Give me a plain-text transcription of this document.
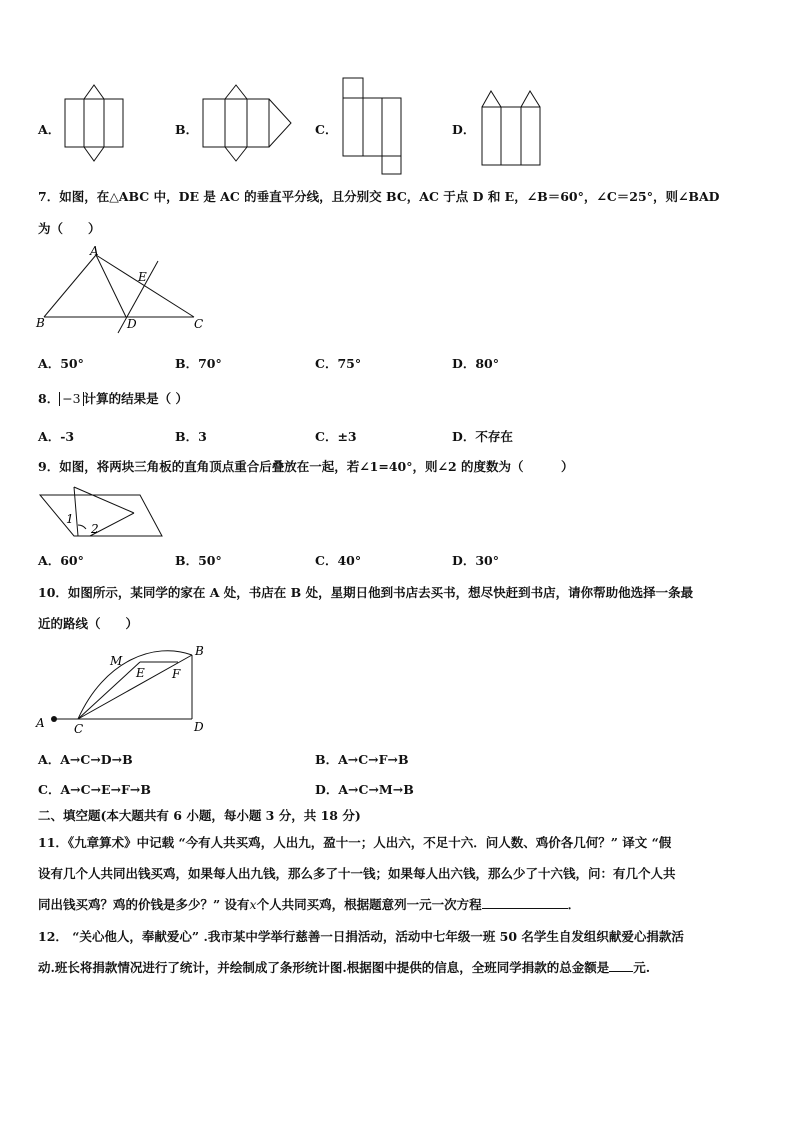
A．	B．	C．	D．
7．如图，在△ABC 中，DE 是 AC 的垂直平分线，且分别交 BC，AC 于点 D 和 E，∠B＝60°，∠C＝25°，则∠BAD
为（　　）
A
B	C
D
E
A．50°	B．70°	C．75°	D．80°
8． −3 计算的结果是（ ）
A．-3	B．3	C．±3	D．不存在
9．如图，将两块三角板的直角顶点重合后叠放在一起，若∠1=40°，则∠2 的度数为（　　　）
1
2
A．60°	B．50°	C．40°	D．30°
10．如图所示，某同学的家在 A 处，书店在 B 处，星期日他到书店去买书，想尽快赶到书店，请你帮助他选择一条最
近的路线（　　）
A
B
C	D
E F
M
A．A→C→D→B	B．A→C→F→B
C．A→C→E→F→B	D．A→C→M→B
二、填空题(本大题共有 6 小题，每小题 3 分，共 18 分)
11．《九章算术》中记载 “今有人共买鸡，人出九，盈十一；人出六，不足十六．问人数、鸡价各几何？” 译文 “假
设有几个人共同出钱买鸡，如果每人出九钱，那么多了十一钱；如果每人出六钱，那么少了十六钱，问：有几个人共
同出钱买鸡？鸡的价钱是多少？” 设有x个人共同买鸡，根据题意列一元一次方程	．
12． “关心他人，奉献爱心” .我市某中学举行慈善一日捐活动，活动中七年级一班 50 名学生自发组织献爱心捐款活
动.班长将捐款情况进行了统计，并绘制成了条形统计图.根据图中提供的信息，全班同学捐款的总金额是 元.
